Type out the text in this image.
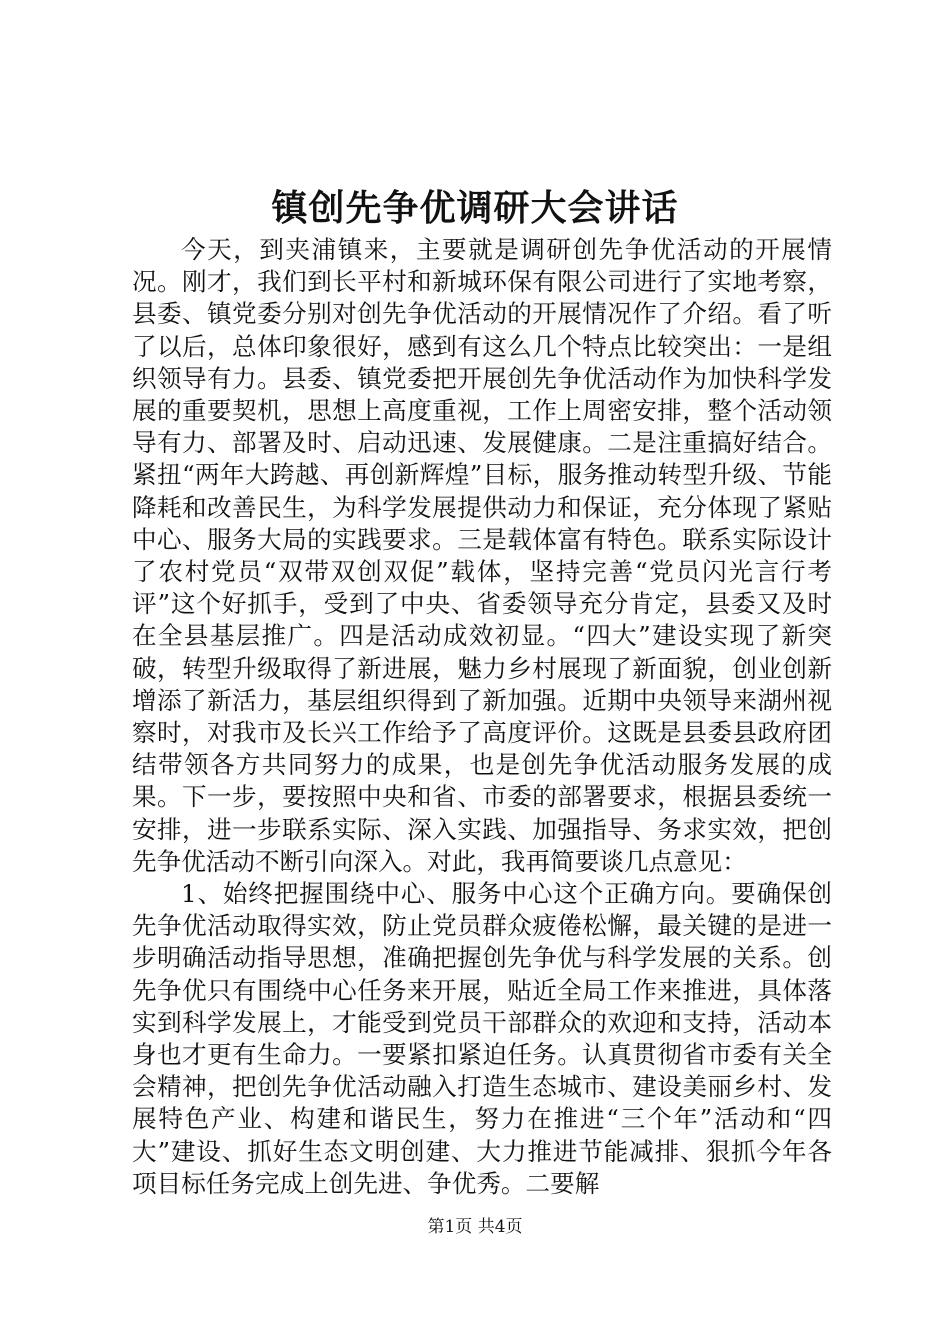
镇创先争优调研大会讲话

今天，到夹浦镇来，主要就是调研创先争优活动的开展情况。刚才，我们到长平村和新城环保有限公司进行了实地考察，县委、镇党委分别对创先争优活动的开展情况作了介绍。看了听了以后，总体印象很好，感到有这么几个特点比较突出：一是组织领导有力。县委、镇党委把开展创先争优活动作为加快科学发展的重要契机，思想上高度重视，工作上周密安排，整个活动领导有力、部署及时、启动迅速、发展健康。二是注重搞好结合。紧扭“两年大跨越、再创新辉煌”目标，服务推动转型升级、节能降耗和改善民生，为科学发展提供动力和保证，充分体现了紧贴中心、服务大局的实践要求。三是载体富有特色。联系实际设计了农村党员“双带双创双促”载体，坚持完善“党员闪光言行考评”这个好抓手，受到了中央、省委领导充分肯定，县委又及时在全县基层推广。四是活动成效初显。“四大”建设实现了新突破，转型升级取得了新进展，魅力乡村展现了新面貌，创业创新增添了新活力，基层组织得到了新加强。近期中央领导来湖州视察时，对我市及长兴工作给予了高度评价。这既是县委县政府团结带领各方共同努力的成果，也是创先争优活动服务发展的成果。下一步，要按照中央和省、市委的部署要求，根据县委统一安排，进一步联系实际、深入实践、加强指导、务求实效，把创先争优活动不断引向深入。对此，我再简要谈几点意见：

1、始终把握围绕中心、服务中心这个正确方向。要确保创先争优活动取得实效，防止党员群众疲倦松懈，最关键的是进一步明确活动指导思想，准确把握创先争优与科学发展的关系。创先争优只有围绕中心任务来开展，贴近全局工作来推进，具体落实到科学发展上，才能受到党员干部群众的欢迎和支持，活动本身也才更有生命力。一要紧扣紧迫任务。认真贯彻省市委有关全会精神，把创先争优活动融入打造生态城市、建设美丽乡村、发展特色产业、构建和谐民生，努力在推进“三个年”活动和“四大”建设、抓好生态文明创建、大力推进节能减排、狠抓今年各项目标任务完成上创先进、争优秀。二要解

第1页 共4页
